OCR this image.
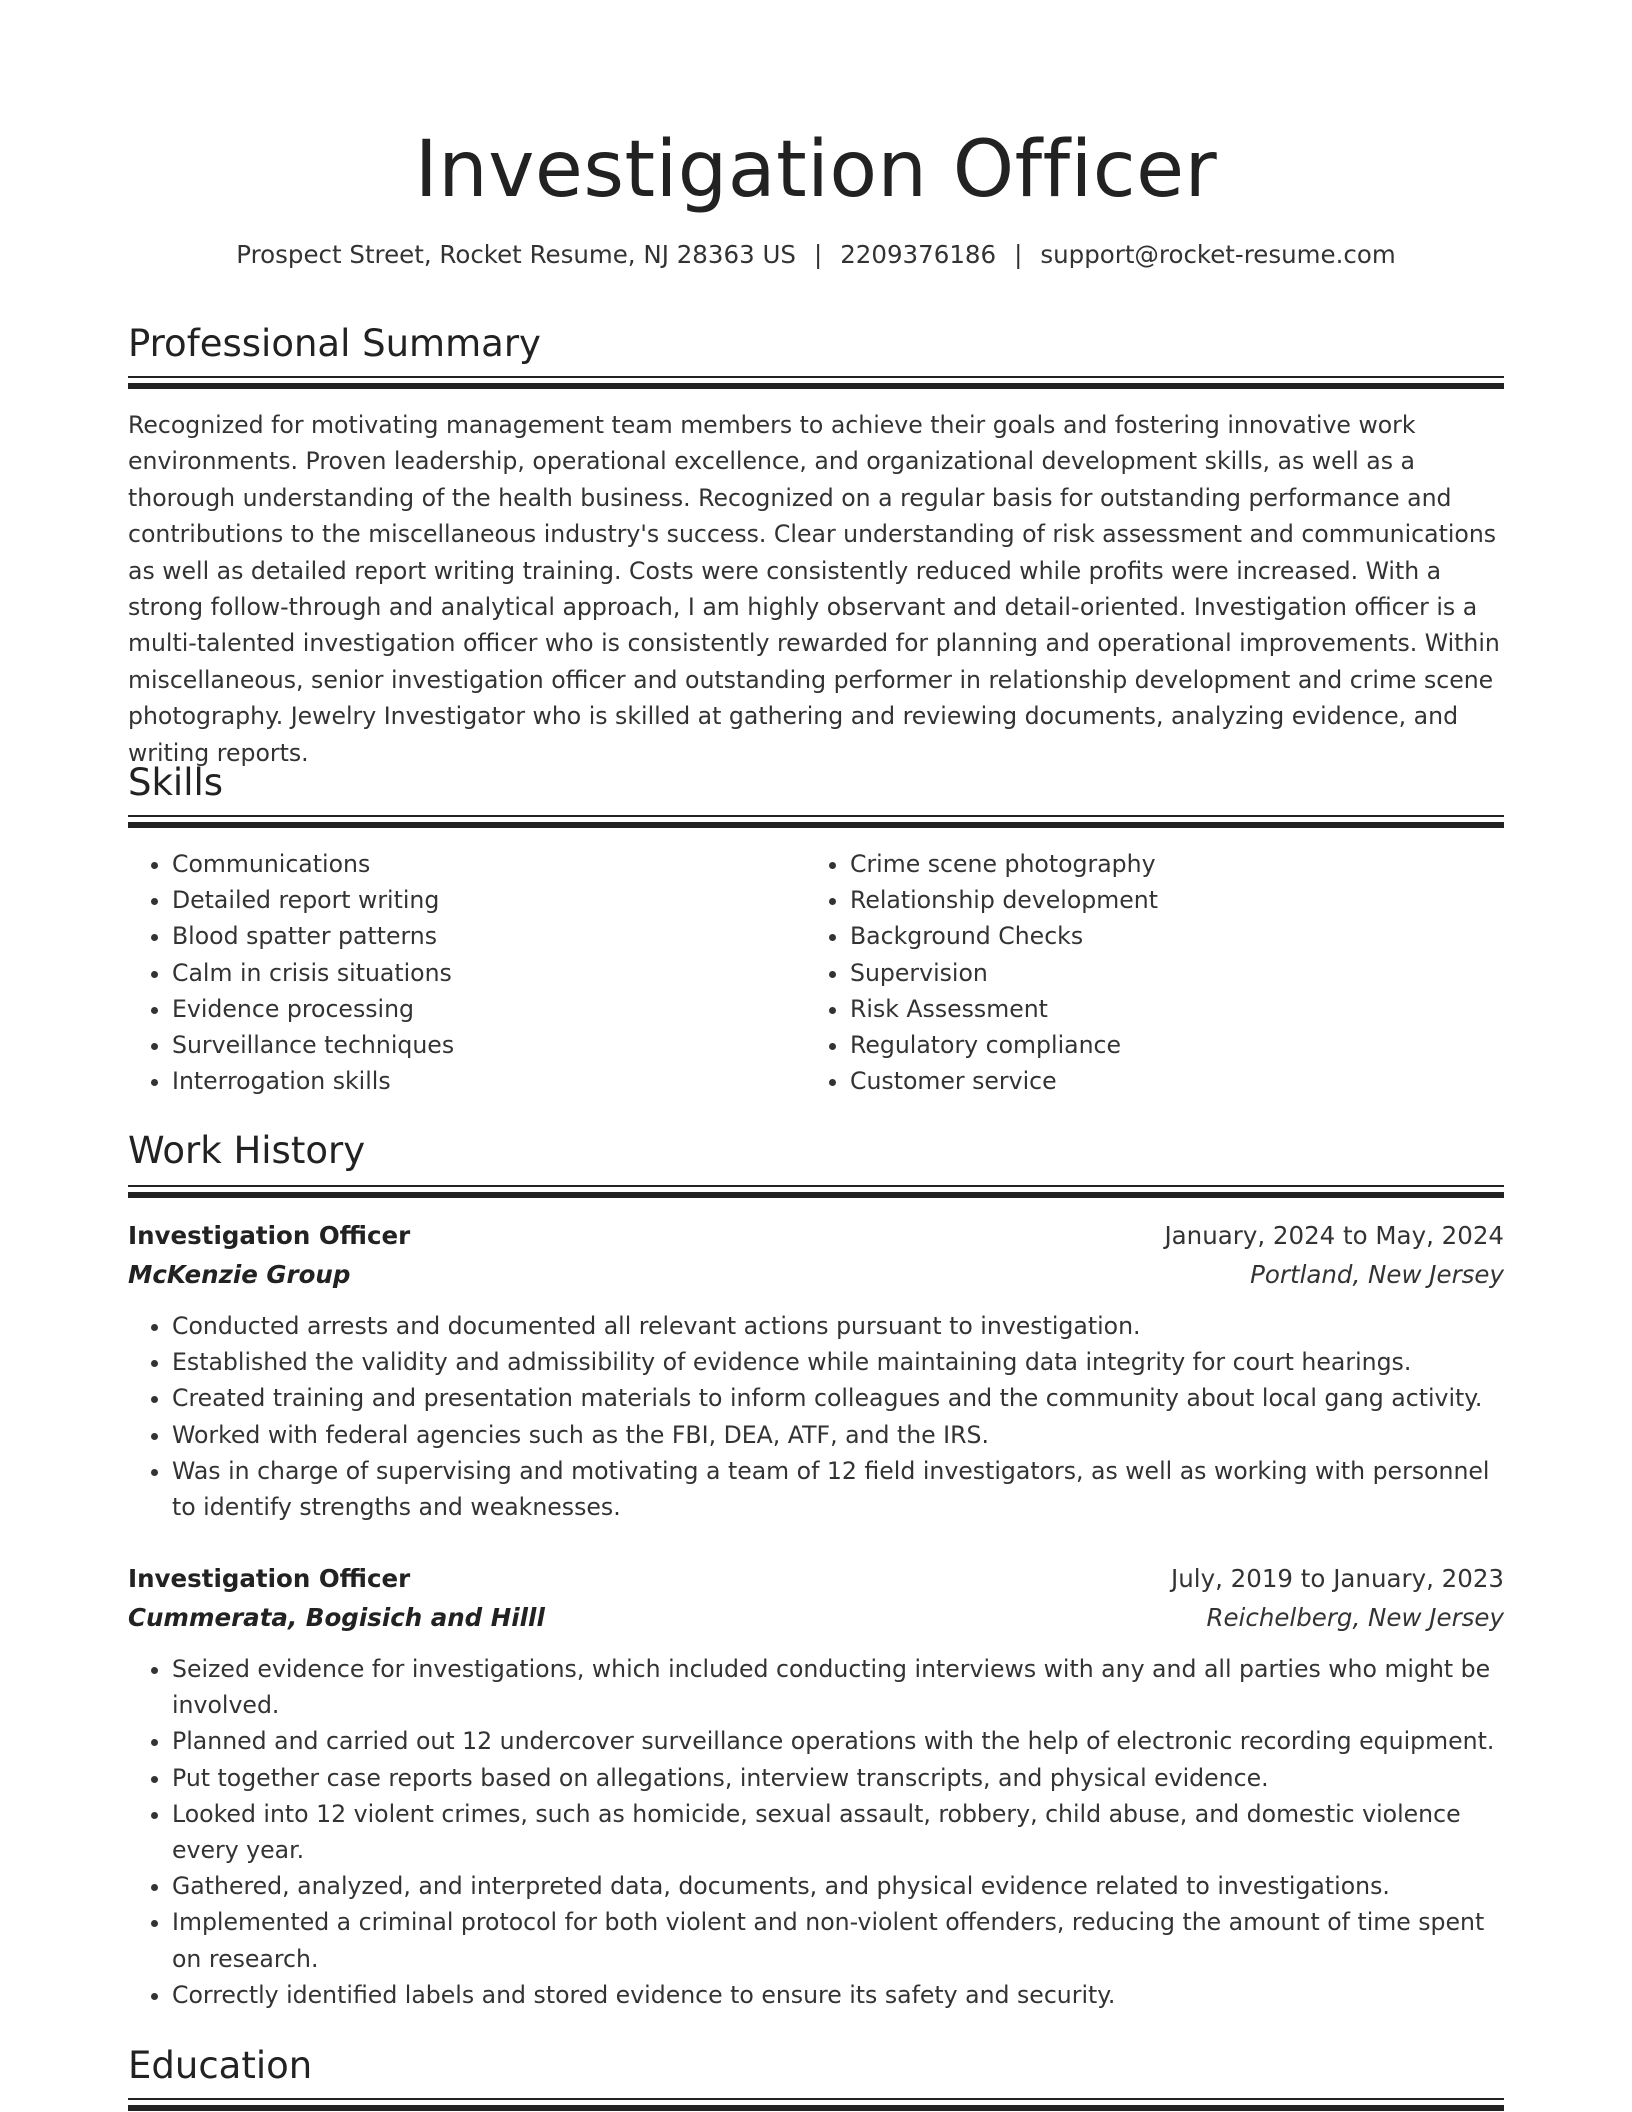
Investigation Officer
Prospect Street, Rocket Resume, NJ 28363 US | 2209376186 | support@rocket-resume.com
Professional Summary

Recognized for motivating management team members to achieve their goals and fostering innovative work environments. Proven leadership, operational excellence, and organizational development skills, as well as a thorough understanding of the health business. Recognized on a regular basis for outstanding performance and contributions to the miscellaneous industry's success. Clear understanding of risk assessment and communications as well as detailed report writing training. Costs were consistently reduced while profits were increased. With a strong follow-through and analytical approach, I am highly observant and detail-oriented. Investigation officer is a multi-talented investigation officer who is consistently rewarded for planning and operational improvements. Within miscellaneous, senior investigation officer and outstanding performer in relationship development and crime scene photography. Jewelry Investigator who is skilled at gathering and reviewing documents, analyzing evidence, and writing reports.

Skills
• Communications
• Detailed report writing
• Blood spatter patterns
• Calm in crisis situations
• Evidence processing
• Surveillance techniques
• Interrogation skills
• Crime scene photography
• Relationship development
• Background Checks
• Supervision
• Risk Assessment
• Regulatory compliance
• Customer service
Work History
Investigation Officer	January, 2024 to May, 2024
McKenzie Group	Portland, New Jersey
• Conducted arrests and documented all relevant actions pursuant to investigation.
• Established the validity and admissibility of evidence while maintaining data integrity for court hearings.
• Created training and presentation materials to inform colleagues and the community about local gang activity.
• Worked with federal agencies such as the FBI, DEA, ATF, and the IRS.
• Was in charge of supervising and motivating a team of 12 field investigators, as well as working with personnel to identify strengths and weaknesses.
Investigation Officer	July, 2019 to January, 2023
Cummerata, Bogisich and Hilll	Reichelberg, New Jersey
• Seized evidence for investigations, which included conducting interviews with any and all parties who might be involved.
• Planned and carried out 12 undercover surveillance operations with the help of electronic recording equipment.
• Put together case reports based on allegations, interview transcripts, and physical evidence.
• Looked into 12 violent crimes, such as homicide, sexual assault, robbery, child abuse, and domestic violence every year.
• Gathered, analyzed, and interpreted data, documents, and physical evidence related to investigations.
• Implemented a criminal protocol for both violent and non-violent offenders, reducing the amount of time spent on research.
• Correctly identified labels and stored evidence to ensure its safety and security.
Education
